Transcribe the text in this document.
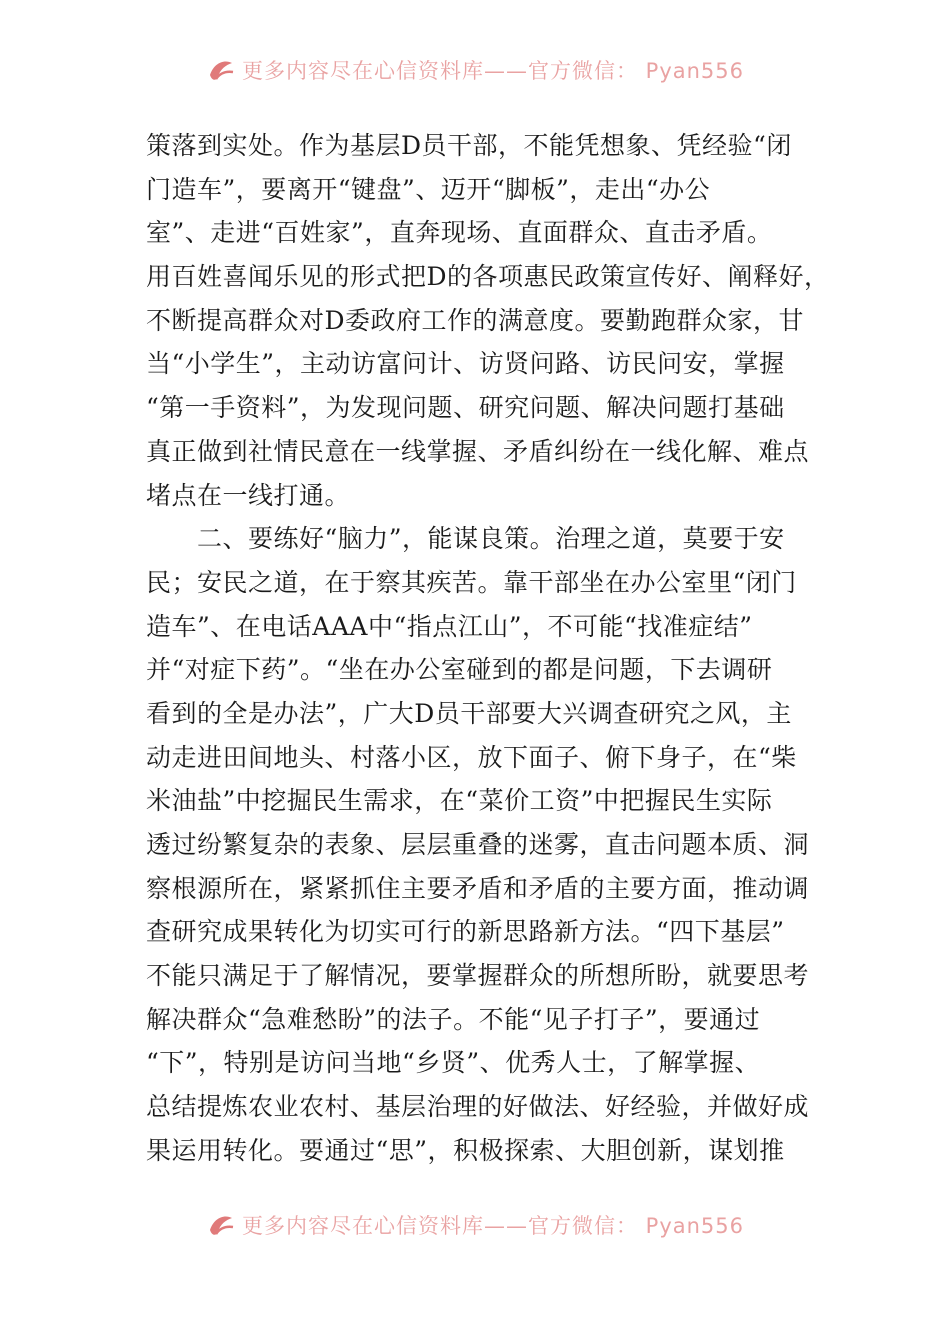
更多内容尽在心信资料库——官方微信： Pyan556
策落到实处。作为基层D员干部，不能凭想象、凭经验“闭
门造车”，要离开“键盘”、迈开“脚板”，走出“办公
室”、走进“百姓家”，直奔现场、直面群众、直击矛盾。
用百姓喜闻乐见的形式把D的各项惠民政策宣传好、阐释好，
不断提高群众对D委政府工作的满意度。要勤跑群众家，甘
当“小学生”，主动访富问计、访贤问路、访民问安，掌握
“第一手资料”，为发现问题、研究问题、解决问题打基础
真正做到社情民意在一线掌握、矛盾纠纷在一线化解、难点
堵点在一线打通。
　　二、要练好“脑力”，能谋良策。治理之道，莫要于安
民；安民之道，在于察其疾苦。靠干部坐在办公室里“闭门
造车”、在电话AAA中“指点江山”，不可能“找准症结”
并“对症下药”。“坐在办公室碰到的都是问题，下去调研
看到的全是办法”，广大D员干部要大兴调查研究之风，主
动走进田间地头、村落小区，放下面子、俯下身子，在“柴
米油盐”中挖掘民生需求，在“菜价工资”中把握民生实际
透过纷繁复杂的表象、层层重叠的迷雾，直击问题本质、洞
察根源所在，紧紧抓住主要矛盾和矛盾的主要方面，推动调
查研究成果转化为切实可行的新思路新方法。“四下基层”
不能只满足于了解情况，要掌握群众的所想所盼，就要思考
解决群众“急难愁盼”的法子。不能“见子打子”，要通过
“下”，特别是访问当地“乡贤”、优秀人士，了解掌握、
总结提炼农业农村、基层治理的好做法、好经验，并做好成
果运用转化。要通过“思”，积极探索、大胆创新，谋划推
更多内容尽在心信资料库——官方微信： Pyan556
